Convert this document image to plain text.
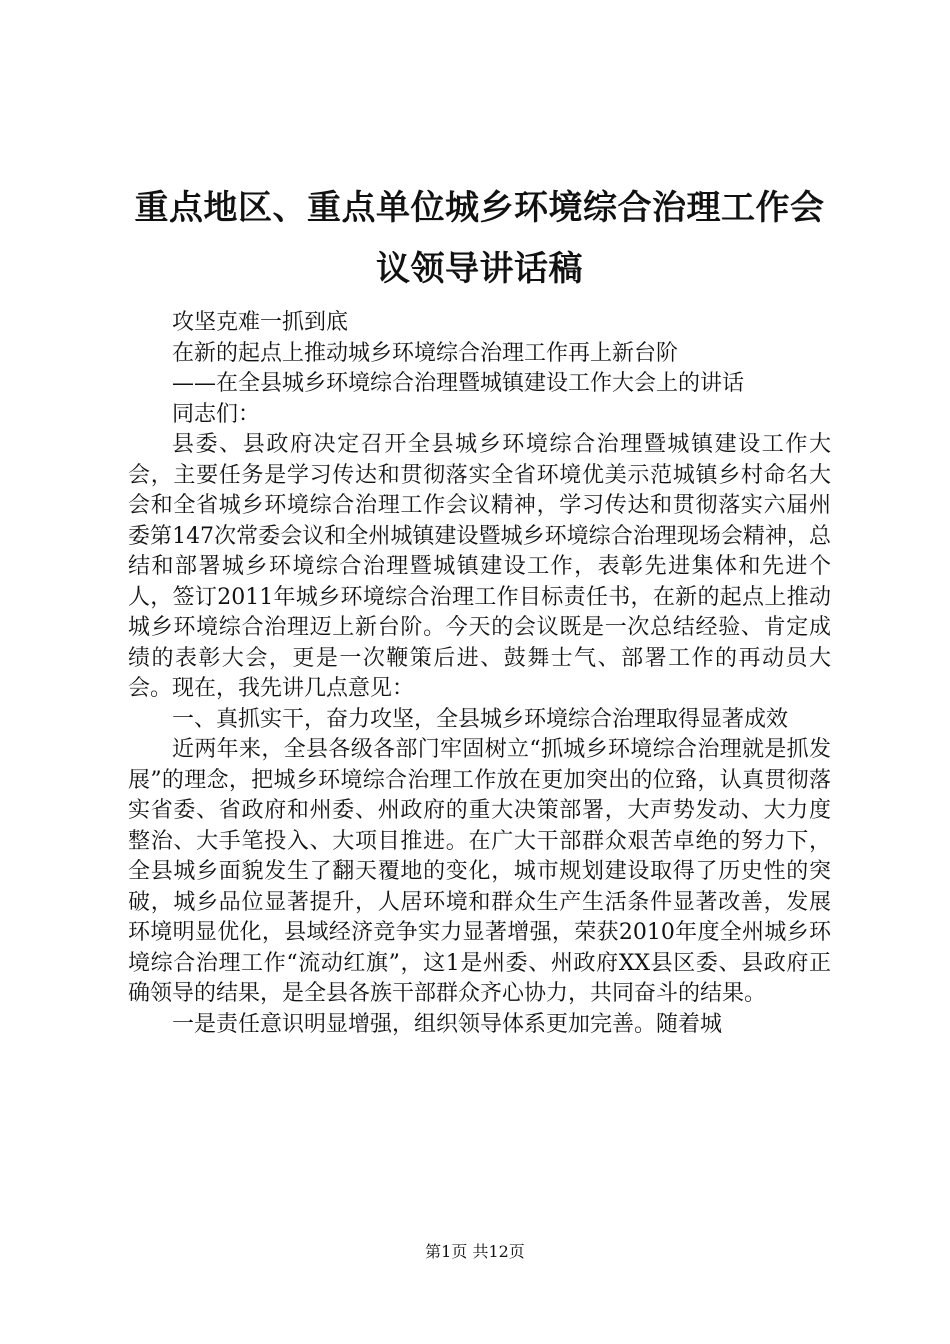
重点地区、重点单位城乡环境综合治理工作会议领导讲话稿

攻坚克难一抓到底

在新的起点上推动城乡环境综合治理工作再上新台阶

——在全县城乡环境综合治理暨城镇建设工作大会上的讲话

同志们：

县委、县政府决定召开全县城乡环境综合治理暨城镇建设工作大会，主要任务是学习传达和贯彻落实全省环境优美示范城镇乡村命名大会和全省城乡环境综合治理工作会议精神，学习传达和贯彻落实六届州委第147次常委会议和全州城镇建设暨城乡环境综合治理现场会精神，总结和部署城乡环境综合治理暨城镇建设工作，表彰先进集体和先进个人，签订2011年城乡环境综合治理工作目标责任书，在新的起点上推动城乡环境综合治理迈上新台阶。今天的会议既是一次总结经验、肯定成绩的表彰大会，更是一次鞭策后进、鼓舞士气、部署工作的再动员大会。现在，我先讲几点意见：

一、真抓实干，奋力攻坚，全县城乡环境综合治理取得显著成效

近两年来，全县各级各部门牢固树立“抓城乡环境综合治理就是抓发展”的理念，把城乡环境综合治理工作放在更加突出的位臵，认真贯彻落实省委、省政府和州委、州政府的重大决策部署，大声势发动、大力度整治、大手笔投入、大项目推进。在广大干部群众艰苦卓绝的努力下，全县城乡面貌发生了翻天覆地的变化，城市规划建设取得了历史性的突破，城乡品位显著提升，人居环境和群众生产生活条件显著改善，发展环境明显优化，县域经济竞争实力显著增强，荣获2010年度全州城乡环境综合治理工作“流动红旗”，这1是州委、州政府XX县区委、县政府正确领导的结果，是全县各族干部群众齐心协力，共同奋斗的结果。

一是责任意识明显增强，组织领导体系更加完善。随着城

第1页 共12页
